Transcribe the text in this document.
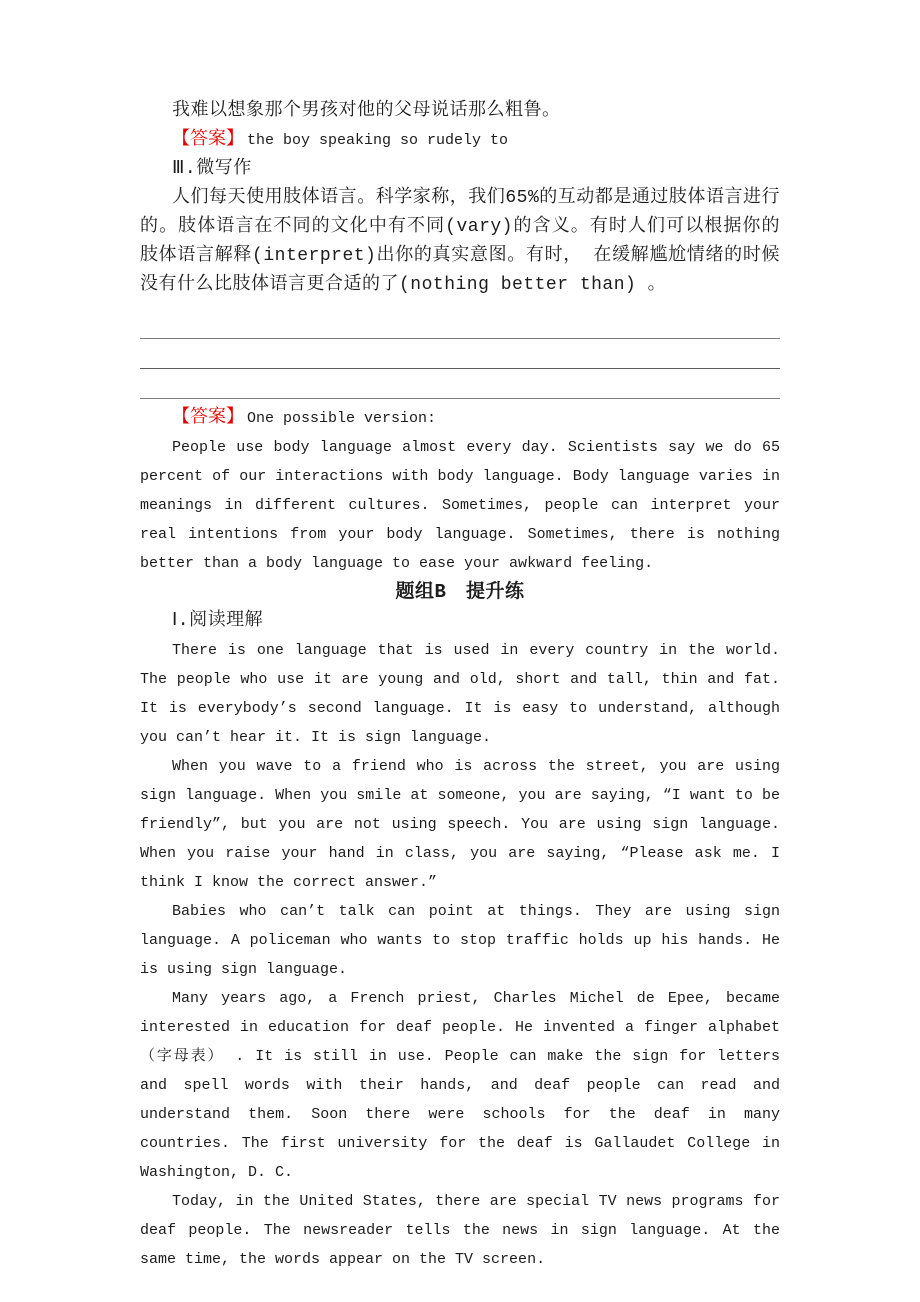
我难以想象那个男孩对他的父母说话那么粗鲁。

【答案】 the boy speaking so rudely to

Ⅲ.微写作

人们每天使用肢体语言。科学家称，我们65%的互动都是通过肢体语言进行的。肢体语言在不同的文化中有不同(vary)的含义。有时人们可以根据你的肢体语言解释(interpret)出你的真实意图。有时， 在缓解尴尬情绪的时候没有什么比肢体语言更合适的了(nothing better than) 。

【答案】 One possible version:

People use body language almost every day. Scientists say we do 65 percent of our interactions with body language. Body language varies in meanings in different cultures. Sometimes, people can interpret your real intentions from your body language. Sometimes, there is nothing better than a body language to ease your awkward feeling.

题组B　提升练

Ⅰ.阅读理解

There is one language that is used in every country in the world. The people who use it are young and old, short and tall, thin and fat. It is everybody’s second language. It is easy to understand, although you can’t hear it. It is sign language.

When you wave to a friend who is across the street, you are using sign language. When you smile at someone, you are saying, “I want to be friendly”, but you are not using speech. You are using sign language. When you raise your hand in class, you are saying, “Please ask me. I think I know the correct answer.”

Babies who can’t talk can point at things. They are using sign language. A policeman who wants to stop traffic holds up his hands. He is using sign language.

Many years ago, a French priest, Charles Michel de Epee, became interested in education for deaf people. He invented a finger alphabet （字母表） . It is still in use. People can make the sign for letters and spell words with their hands, and deaf people can read and understand them. Soon there were schools for the deaf in many countries. The first university for the deaf is Gallaudet College in Washington, D. C.

Today, in the United States, there are special TV news programs for deaf people. The newsreader tells the news in sign language. At the same time, the words appear on the TV screen.
